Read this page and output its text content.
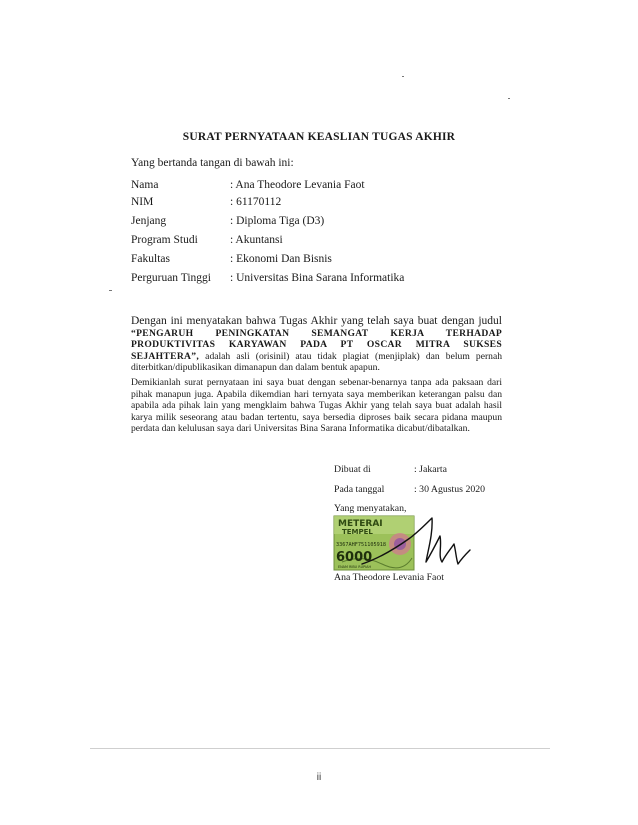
SURAT PERNYATAAN KEASLIAN TUGAS AKHIR
Yang bertanda tangan di bawah ini:
Nama	: Ana Theodore Levania Faot
NIM	: 61170112
Jenjang	: Diploma Tiga (D3)
Program Studi	: Akuntansi
Fakultas	: Ekonomi Dan Bisnis
Perguruan Tinggi : Universitas Bina Sarana Informatika
Dengan ini menyatakan bahwa Tugas Akhir yang telah saya buat dengan judul “PENGARUH PENINGKATAN SEMANGAT KERJA TERHADAP PRODUKTIVITAS KARYAWAN PADA PT OSCAR MITRA SUKSES SEJAHTERA”, adalah asli (orisinil) atau tidak plagiat (menjiplak) dan belum pernah diterbitkan/dipublikasikan dimanapun dan dalam bentuk apapun.
Demikianlah surat pernyataan ini saya buat dengan sebenar-benarnya tanpa ada paksaan dari pihak manapun juga. Apabila dikemdian hari ternyata saya memberikan keterangan palsu dan apabila ada pihak lain yang mengklaim bahwa Tugas Akhir yang telah saya buat adalah hasil karya milik seseorang atau badan tertentu, saya bersedia diproses baik secara pidana maupun perdata dan kelulusan saya dari Universitas Bina Sarana Informatika dicabut/dibatalkan.
Dibuat di	: Jakarta
Pada tanggal	: 30 Agustus 2020
Yang menyatakan,
METERAI
TEMPEL
3367AHF751105918
6000
ENAM RIBU RUPIAH
Ana Theodore Levania Faot
ii
